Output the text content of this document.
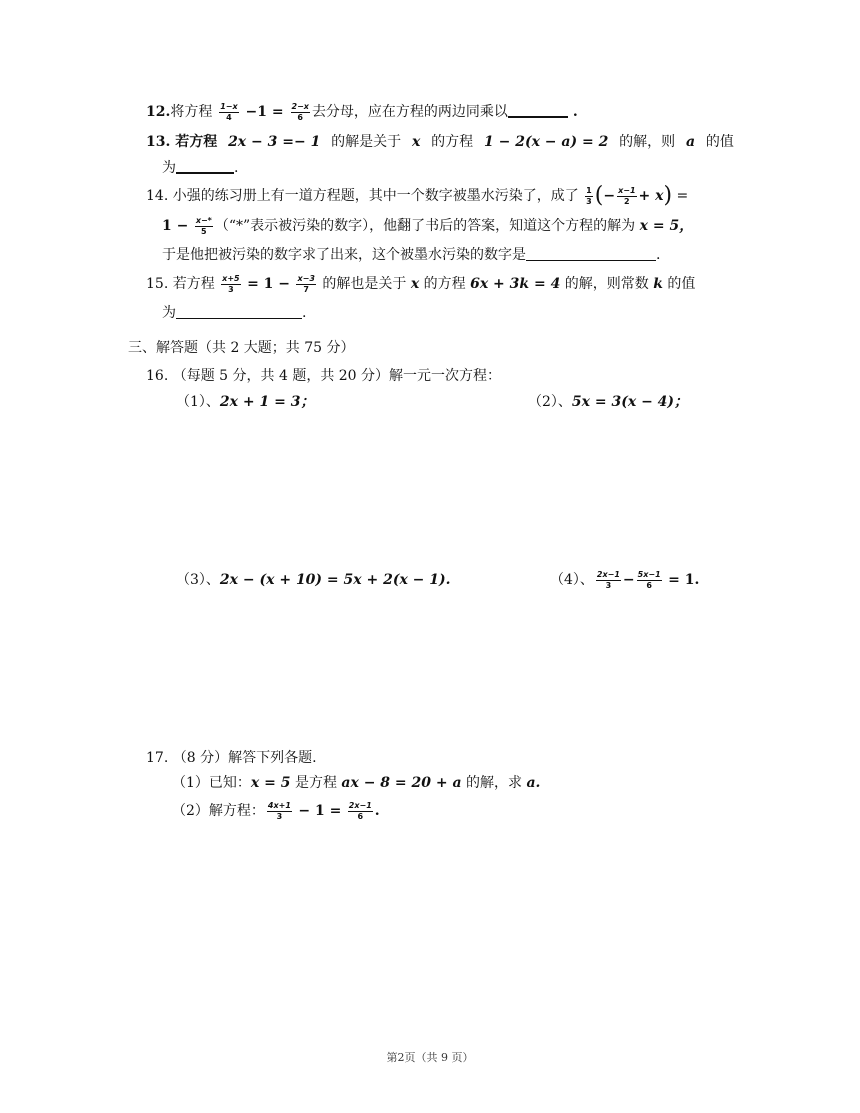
12.将方程 $\frac{1-x}{4} -1 = \frac{2-x}{6}$ 去分母，应在方程的两边同乘以	.
13. 若方程 2x − 3 =− 1 的解是关于 x 的方程 1 − 2(x − a) = 2 的解，则 a 的值
为	.
14. 小强的练习册上有一道方程题，其中一个数字被墨水污染了，成了 $\frac{1}{3}$ (− $\frac{x-1}{2} + x$) =
$1 - \frac{x-*}{5}$ （“*”表示被污染的数字），他翻了书后的答案，知道这个方程的解为 x = 5，
于是他把被污染的数字求了出来，这个被墨水污染的数字是	.
15. 若方程 $\frac{x+5}{3} = 1 - \frac{x-3}{7}$ 的解也是关于 x 的方程 6x + 3k = 4 的解，则常数 k 的值
为	.
三、解答题（共 2 大题；共 75 分）
16. （每题 5 分，共 4 题，共 20 分）解一元一次方程：
（1）、2x + 1 = 3；	（2）、5x = 3(x − 4)；
（3）、2x − (x + 10) = 5x + 2(x − 1).	（4）、 $\frac{2x-1}{3} - \frac{5x-1}{6} = 1$.
17. （8 分）解答下列各题.
（1）已知：x = 5 是方程 ax − 8 = 20 + a 的解，求 a.
（2）解方程： $\frac{4x+1}{3} - 1 = \frac{2x-1}{6}$ .
第2页（共 9 页）
